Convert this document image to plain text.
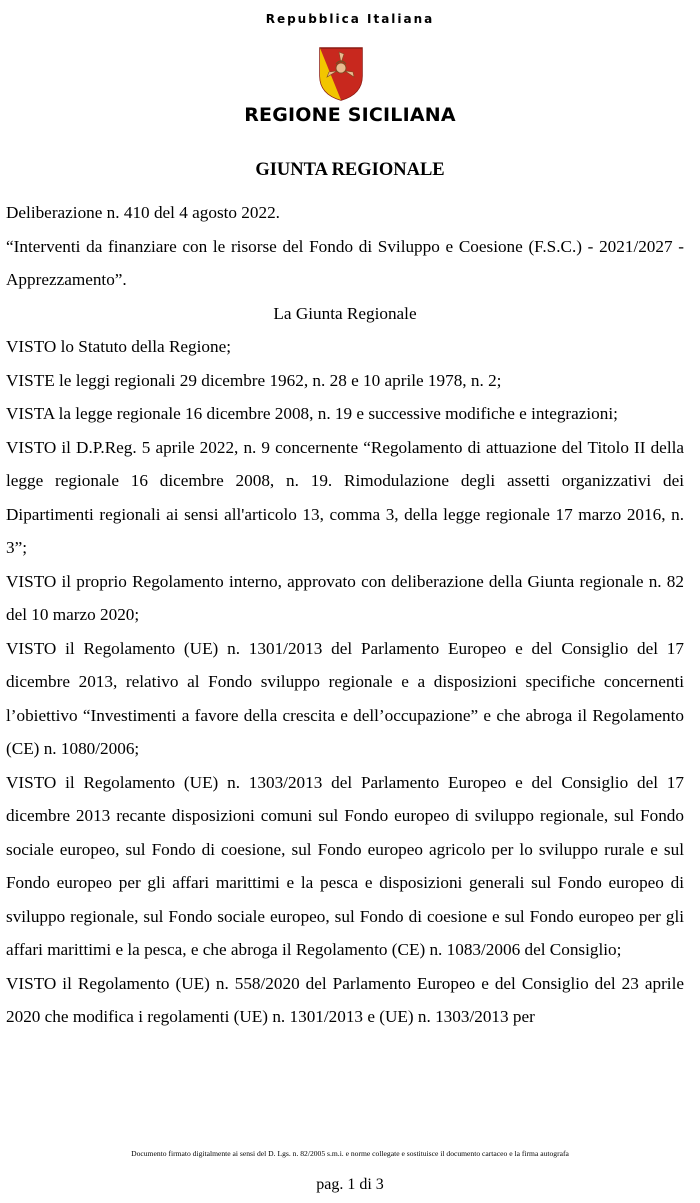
Repubblica Italiana
REGIONE SICILIANA
GIUNTA REGIONALE

Deliberazione n. 410 del 4 agosto 2022.

“Interventi da finanziare con le risorse del Fondo di Sviluppo e Coesione (F.S.C.) - 2021/2027 - Apprezzamento”.

La Giunta Regionale

VISTO lo Statuto della Regione;

VISTE le leggi regionali 29 dicembre 1962, n. 28 e 10 aprile 1978, n. 2;

VISTA la legge regionale 16 dicembre 2008, n. 19 e successive modifiche e integrazioni;

VISTO il D.P.Reg. 5 aprile 2022, n. 9 concernente “Regolamento di attuazione del Titolo II della legge regionale 16 dicembre 2008, n. 19. Rimodulazione degli assetti organizzativi dei Dipartimenti regionali ai sensi all'articolo 13, comma 3, della legge regionale 17 marzo 2016, n. 3”;

VISTO il proprio Regolamento interno, approvato con deliberazione della Giunta regionale n. 82 del 10 marzo 2020;

VISTO il Regolamento (UE) n. 1301/2013 del Parlamento Europeo e del Consiglio del 17 dicembre 2013, relativo al Fondo sviluppo regionale e a disposizioni specifiche concernenti l’obiettivo “Investimenti a favore della crescita e dell’occupazione” e che abroga il Regolamento (CE) n. 1080/2006;

VISTO il Regolamento (UE) n. 1303/2013 del Parlamento Europeo e del Consiglio del 17 dicembre 2013 recante disposizioni comuni sul Fondo europeo di sviluppo regionale, sul Fondo sociale europeo, sul Fondo di coesione, sul Fondo europeo agricolo per lo sviluppo rurale e sul Fondo europeo per gli affari marittimi e la pesca e disposizioni generali sul Fondo europeo di sviluppo regionale, sul Fondo sociale europeo, sul Fondo di coesione e sul Fondo europeo per gli affari marittimi e la pesca, e che abroga il Regolamento (CE) n. 1083/2006 del Consiglio;

VISTO il Regolamento (UE) n. 558/2020 del Parlamento Europeo e del Consiglio del 23 aprile 2020 che modifica i regolamenti (UE) n. 1301/2013 e (UE) n. 1303/2013 per

Documento firmato digitalmente ai sensi del D. Lgs. n. 82/2005 s.m.i. e norme collegate e sostituisce il documento cartaceo e la firma autografa
pag. 1 di 3
